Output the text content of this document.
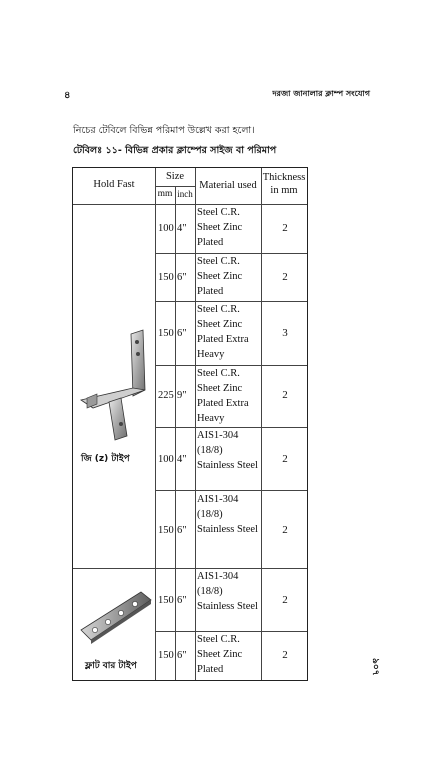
৪	দরজা জানালার ক্লাম্প সংযোগ
নিচের টেবিলে বিভিন্ন পরিমাপ উল্লেখ করা হলো।
টেবিলঃ ১১- বিভিন্ন প্রকার ক্লাম্পের সাইজ বা পরিমাপ
৯০৭
Hold Fast
Size
mm inch
Material used
Thickness in mm
100 4"
Steel C.R. Sheet Zinc Plated
2
150 6"
Steel C.R. Sheet Zinc Plated
2
150 6"
Steel C.R. Sheet Zinc Plated Extra Heavy
3
225 9"
Steel C.R. Sheet Zinc Plated Extra Heavy
2
100 4"
AIS1-304 (18/8) Stainless Steel
2
150 6"
AIS1-304 (18/8) Stainless Steel	2
150 6"
AIS1-304 (18/8) Stainless Steel
2
150 6"
Steel C.R. Sheet Zinc Plated
2
জি (z) টাইপ
ফ্লাট বার টাইপ
